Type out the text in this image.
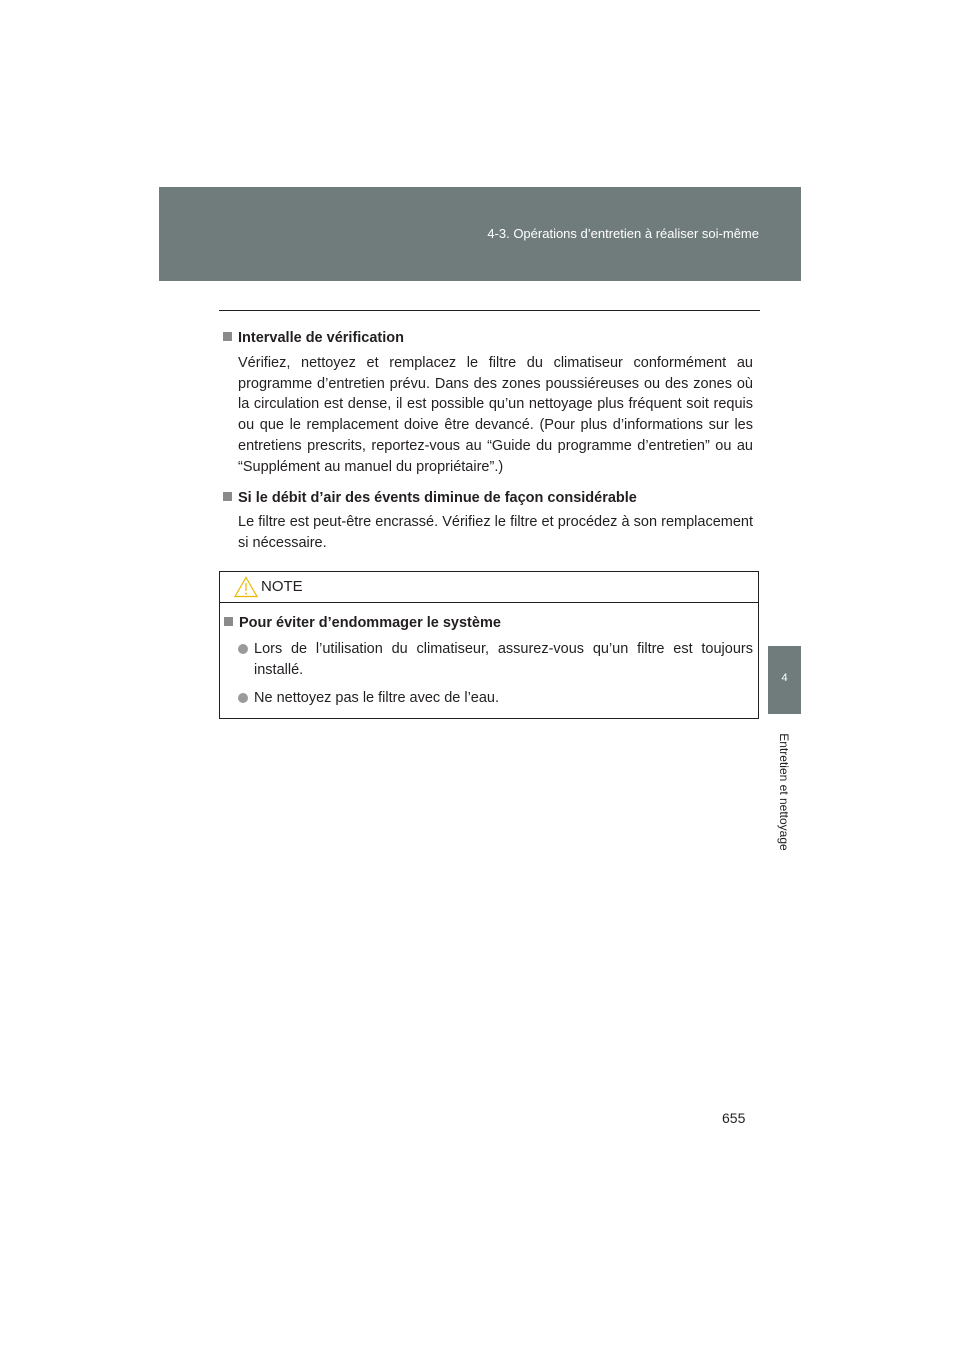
4-3. Opérations d’entretien à réaliser soi-même
4
Entretien et nettoyage
Intervalle de vérification
Vérifiez, nettoyez et remplacez le filtre du climatiseur conformément au programme d’entretien prévu. Dans des zones poussiéreuses ou des zones où la circulation est dense, il est possible qu’un nettoyage plus fréquent soit requis ou que le remplacement doive être devancé. (Pour plus d’informations sur les entretiens prescrits, reportez-vous au “Guide du programme d’entretien” ou au “Supplément au manuel du propriétaire”.)
Si le débit d’air des évents diminue de façon considérable
Le filtre est peut-être encrassé. Vérifiez le filtre et procédez à son remplacement si nécessaire.
NOTE
Pour éviter d’endommager le système
Lors de l’utilisation du climatiseur, assurez-vous qu’un filtre est toujours installé.
Ne nettoyez pas le filtre avec de l’eau.
655
